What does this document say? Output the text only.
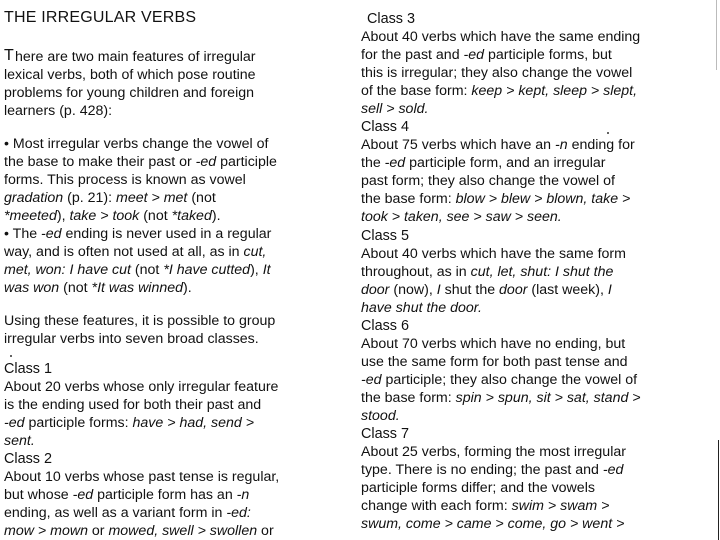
THE IRREGULAR VERBS
T here are two main features of irregular
lexical verbs, both of which pose routine
problems for young children and foreign
learners (p. 428):
• Most irregular verbs change the vowel of
the base to make their past or -ed participle
forms. This process is known as vowel
gradation (p. 21): meet > met (not
*meeted), take > took (not *taked).
• The -ed ending is never used in a regular
way, and is often not used at all, as in cut,
met, won: I have cut (not *I have cutted), It
was won (not *It was winned).
Using these features, it is possible to group
irregular verbs into seven broad classes.
Class 1
About 20 verbs whose only irregular feature
is the ending used for both their past and
-ed participle forms: have > had, send >
sent.
Class 2
About 10 verbs whose past tense is regular,
but whose -ed participle form has an -n
ending, as well as a variant form in -ed:
mow > mown or mowed, swell > swollen or
Class 3
About 40 verbs which have the same ending
for the past and -ed participle forms, but
this is irregular; they also change the vowel
of the base form: keep > kept, sleep > slept,
sell > sold.
Class 4
About 75 verbs which have an -n ending for
the -ed participle form, and an irregular
past form; they also change the vowel of
the base form: blow > blew > blown, take >
took > taken, see > saw > seen.
Class 5
About 40 verbs which have the same form
throughout, as in cut, let, shut: I shut the
door (now), I shut the door (last week), I
have shut the door.
Class 6
About 70 verbs which have no ending, but
use the same form for both past tense and
-ed participle; they also change the vowel of
the base form: spin > spun, sit > sat, stand >
stood.
Class 7
About 25 verbs, forming the most irregular
type. There is no ending; the past and -ed
participle forms differ; and the vowels
change with each form: swim > swam >
swum, come > came > come, go > went >
